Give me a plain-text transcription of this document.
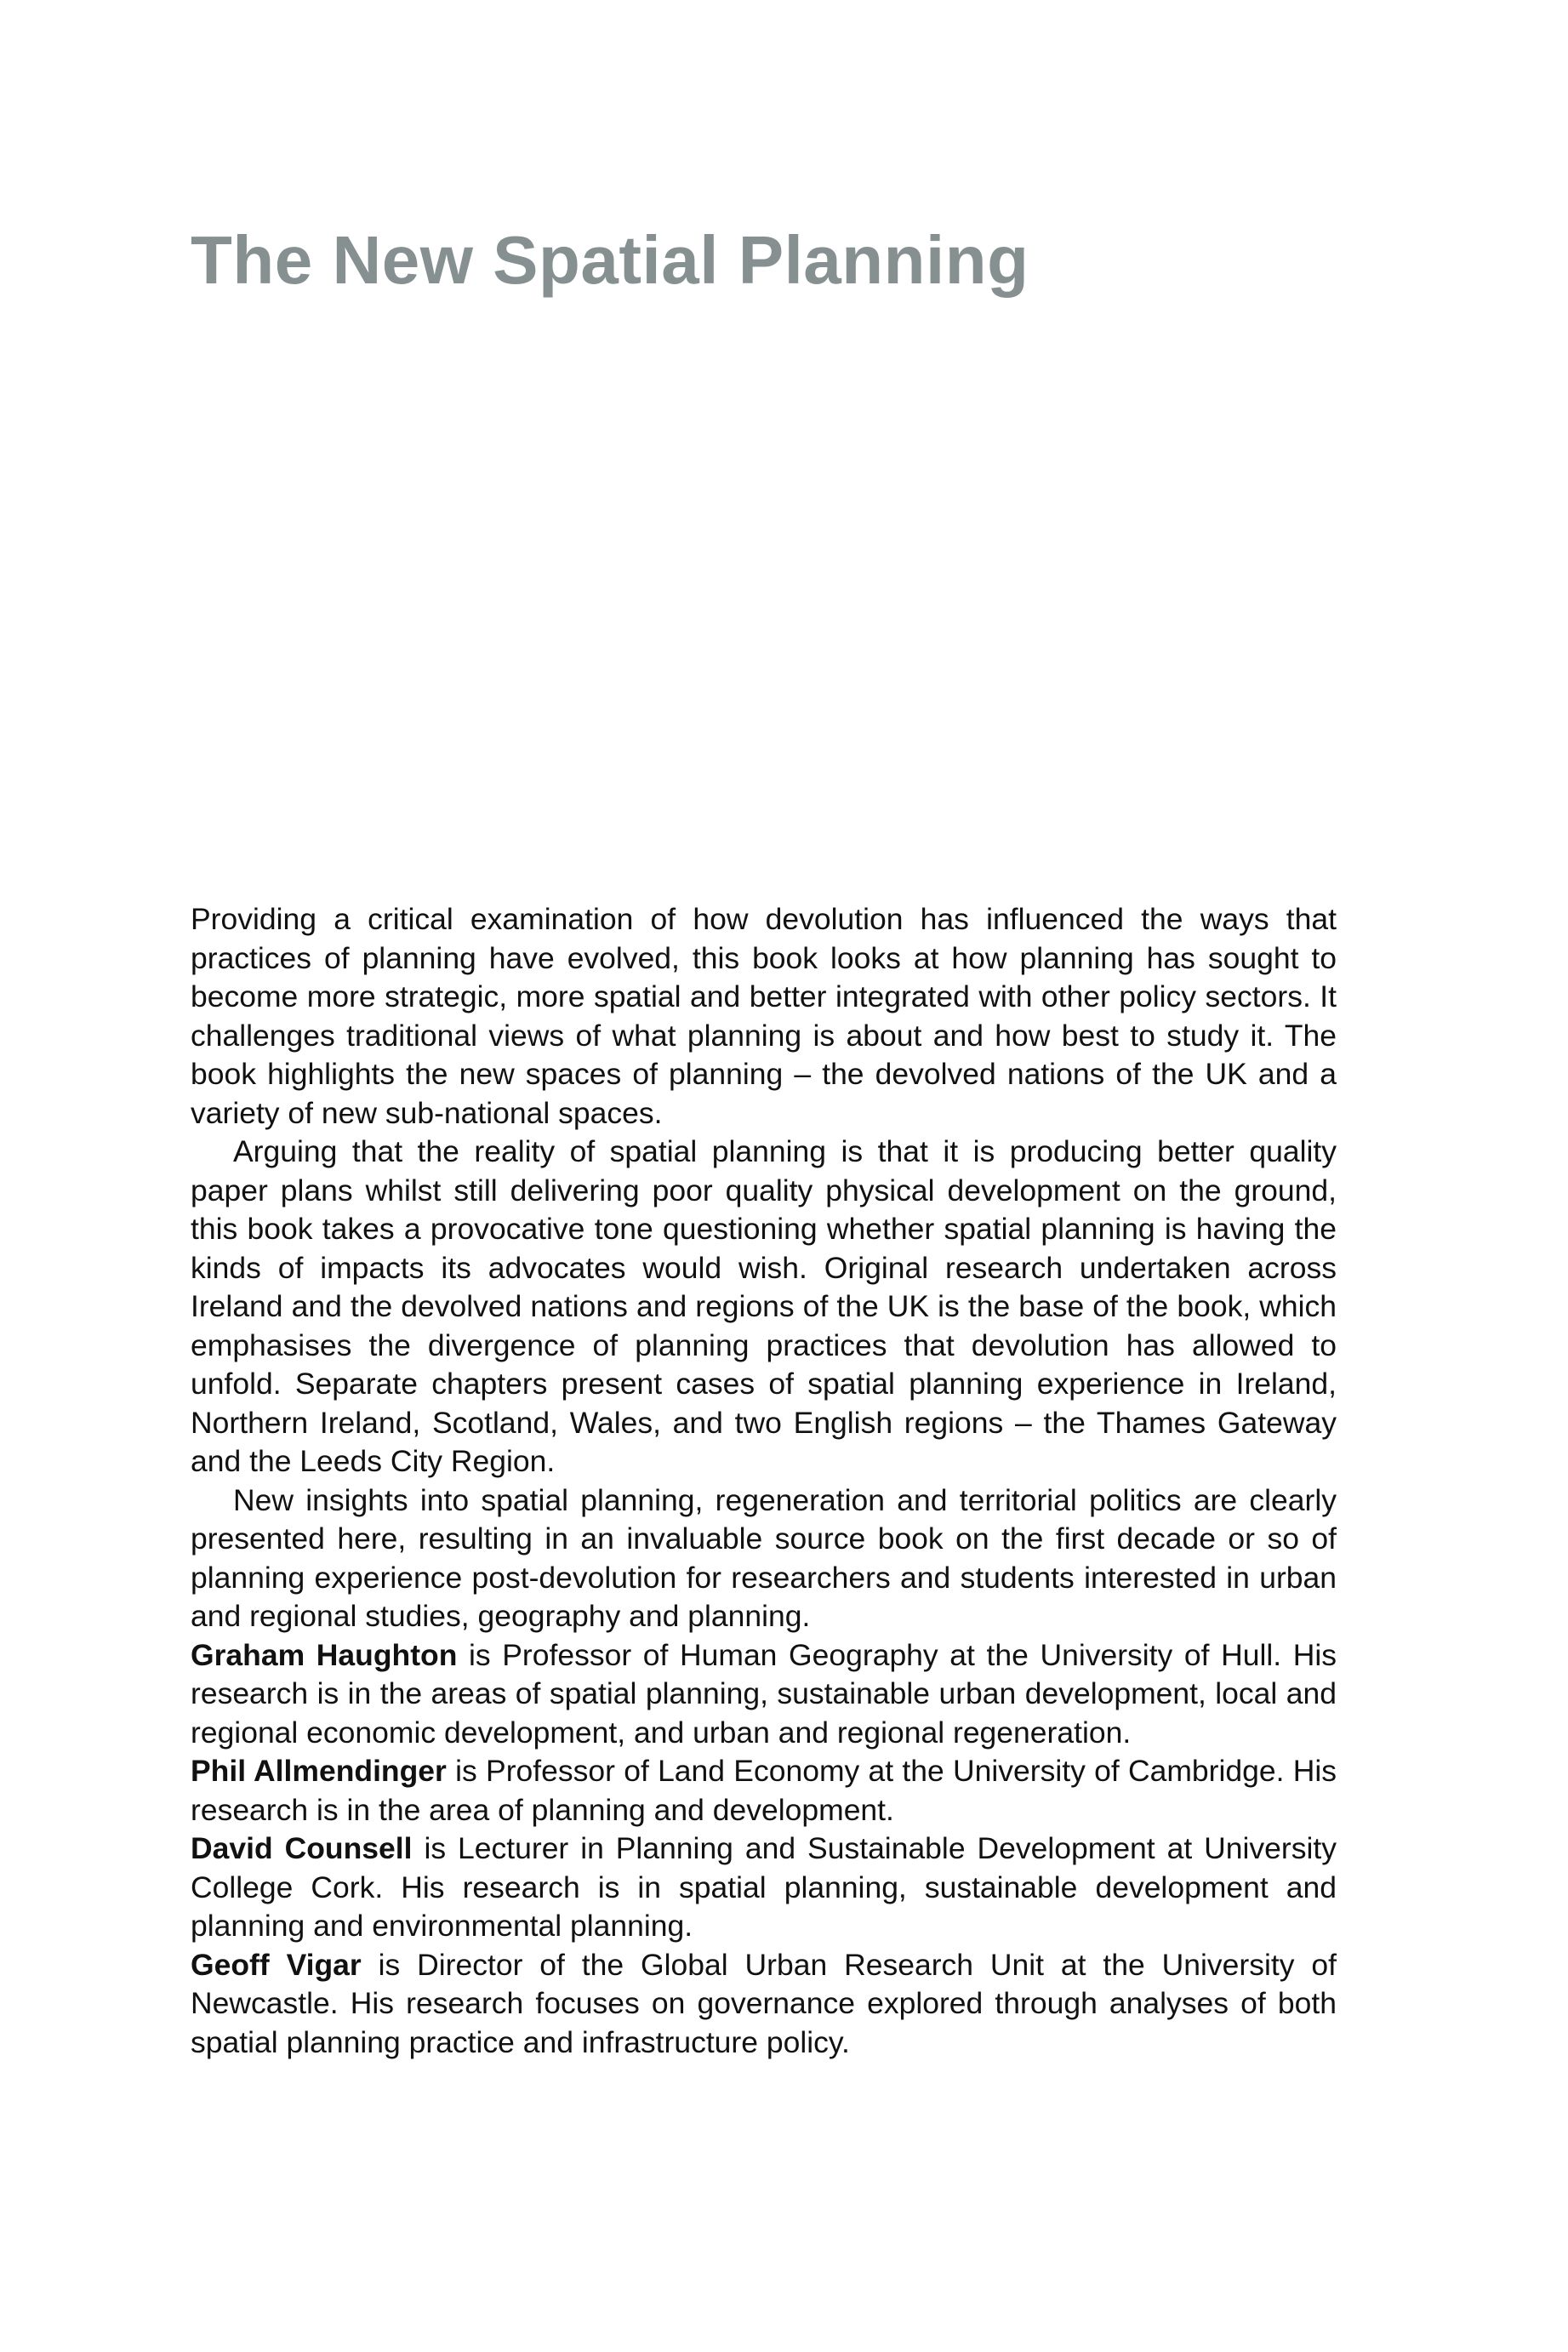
The New Spatial Planning

Providing a critical examination of how devolution has influenced the ways that practices of planning have evolved, this book looks at how planning has sought to become more strategic, more spatial and better integrated with other policy sectors. It challenges traditional views of what planning is about and how best to study it. The book highlights the new spaces of planning – the devolved nations of the UK and a variety of new sub-national spaces.

Arguing that the reality of spatial planning is that it is producing better quality paper plans whilst still delivering poor quality physical development on the ground, this book takes a provocative tone questioning whether spatial planning is having the kinds of impacts its advocates would wish. Original research undertaken across Ireland and the devolved nations and regions of the UK is the base of the book, which emphasises the divergence of planning practices that devolution has allowed to unfold. Separate chapters present cases of spatial planning experience in Ireland, Northern Ireland, Scotland, Wales, and two English regions – the Thames Gateway and the Leeds City Region.

New insights into spatial planning, regeneration and territorial politics are clearly presented here, resulting in an invaluable source book on the first decade or so of planning experience post-devolution for researchers and students interested in urban and regional studies, geography and planning.

Graham Haughton is Professor of Human Geography at the University of Hull. His research is in the areas of spatial planning, sustainable urban development, local and regional economic development, and urban and regional regeneration.

Phil Allmendinger is Professor of Land Economy at the University of Cambridge. His research is in the area of planning and development.

David Counsell is Lecturer in Planning and Sustainable Development at University College Cork. His research is in spatial planning, sustainable development and planning and environmental planning.

Geoff Vigar is Director of the Global Urban Research Unit at the University of Newcastle. His research focuses on governance explored through analyses of both spatial planning practice and infrastructure policy.
